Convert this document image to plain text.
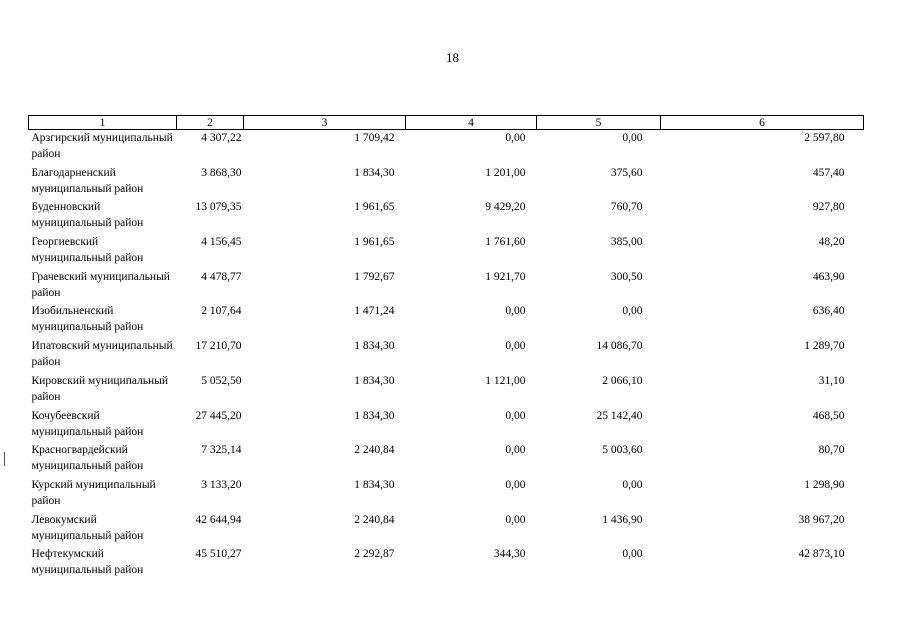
18
1	2	3	4	5	6
Арзгирский муниципальный район	4 307,22	1 709,42	0,00	0,00	2 597,80
Благодарненский муниципальный район	3 868,30	1 834,30	1 201,00	375,60	457,40
Буденновский муниципальный район	13 079,35	1 961,65	9 429,20	760,70	927,80
Георгиевский муниципальный район	4 156,45	1 961,65	1 761,60	385,00	48,20
Грачевский муниципальный район	4 478,77	1 792,67	1 921,70	300,50	463,90
Изобильненский муниципальный район	2 107,64	1 471,24	0,00	0,00	636,40
Ипатовский муниципальный район	17 210,70	1 834,30	0,00	14 086,70	1 289,70
Кировский муниципальный район	5 052,50	1 834,30	1 121,00	2 066,10	31,10
Кочубеевский муниципальный район	27 445,20	1 834,30	0,00	25 142,40	468,50
Красногвардейский муниципальный район	7 325,14	2 240,84	0,00	5 003,60	80,70
Курский муниципальный район	3 133,20	1 834,30	0,00	0,00	1 298,90
Левокумский муниципальный район	42 644,94	2 240,84	0,00	1 436,90	38 967,20
Нефтекумский муниципальный район	45 510,27	2 292,87	344,30	0,00	42 873,10
